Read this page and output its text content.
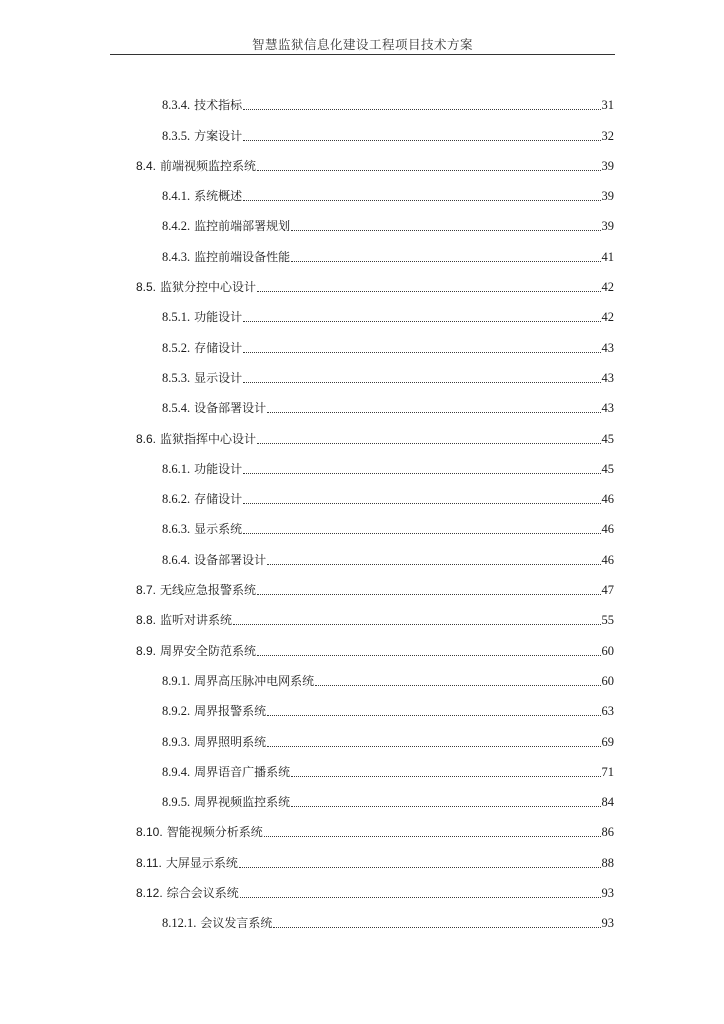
智慧监狱信息化建设工程项目技术方案
8.3.4. 技术指标	31
8.3.5. 方案设计	32
8.4. 前端视频监控系统	39
8.4.1. 系统概述	39
8.4.2. 监控前端部署规划	39
8.4.3. 监控前端设备性能	41
8.5. 监狱分控中心设计	42
8.5.1. 功能设计	42
8.5.2. 存储设计	43
8.5.3. 显示设计	43
8.5.4. 设备部署设计	43
8.6. 监狱指挥中心设计	45
8.6.1. 功能设计	45
8.6.2. 存储设计	46
8.6.3. 显示系统	46
8.6.4. 设备部署设计	46
8.7. 无线应急报警系统	47
8.8. 监听对讲系统	55
8.9. 周界安全防范系统	60
8.9.1. 周界高压脉冲电网系统	60
8.9.2. 周界报警系统	63
8.9.3. 周界照明系统	69
8.9.4. 周界语音广播系统	71
8.9.5. 周界视频监控系统	84
8.10. 智能视频分析系统	86
8.11. 大屏显示系统	88
8.12. 综合会议系统	93
8.12.1. 会议发言系统	93
